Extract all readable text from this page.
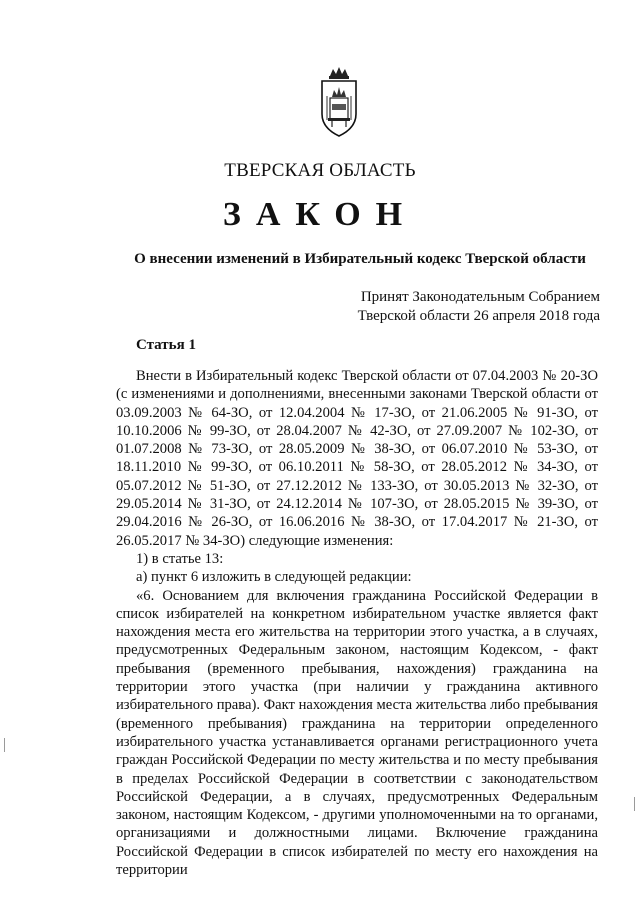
ТВЕРСКАЯ ОБЛАСТЬ
ЗАКОН
О внесении изменений в Избирательный кодекс Тверской области
Принят Законодательным Собранием
Тверской области 26 апреля 2018 года
Статья 1

Внести в Избирательный кодекс Тверской области от 07.04.2003 № 20-ЗО (с изменениями и дополнениями, внесенными законами Тверской области от 03.09.2003 № 64-ЗО, от 12.04.2004 № 17-ЗО, от 21.06.2005 № 91-ЗО, от 10.10.2006 № 99-ЗО, от 28.04.2007 № 42-ЗО, от 27.09.2007 № 102-ЗО, от 01.07.2008 № 73-ЗО, от 28.05.2009 № 38-ЗО, от 06.07.2010 № 53-ЗО, от 18.11.2010 № 99-ЗО, от 06.10.2011 № 58-ЗО, от 28.05.2012 № 34-ЗО, от 05.07.2012 № 51-ЗО, от 27.12.2012 № 133-ЗО, от 30.05.2013 № 32-ЗО, от 29.05.2014 № 31-ЗО, от 24.12.2014 № 107-ЗО, от 28.05.2015 № 39-ЗО, от 29.04.2016 № 26-ЗО, от 16.06.2016 № 38-ЗО, от 17.04.2017 № 21-ЗО, от 26.05.2017 № 34-ЗО) следующие изменения:

1) в статье 13:

а) пункт 6 изложить в следующей редакции:

«6. Основанием для включения гражданина Российской Федерации в список избирателей на конкретном избирательном участке является факт нахождения места его жительства на территории этого участка, а в случаях, предусмотренных Федеральным законом, настоящим Кодексом, - факт пребывания (временного пребывания, нахождения) гражданина на территории этого участка (при наличии у гражданина активного избирательного права). Факт нахождения места жительства либо пребывания (временного пребывания) гражданина на территории определенного избирательного участка устанавливается органами регистрационного учета граждан Российской Федерации по месту жительства и по месту пребывания в пределах Российской Федерации в соответствии с законодательством Российской Федерации, а в случаях, предусмотренных Федеральным законом, настоящим Кодексом, - другими уполномоченными на то органами, организациями и должностными лицами. Включение гражданина Российской Федерации в список избирателей по месту его нахождения на территории
